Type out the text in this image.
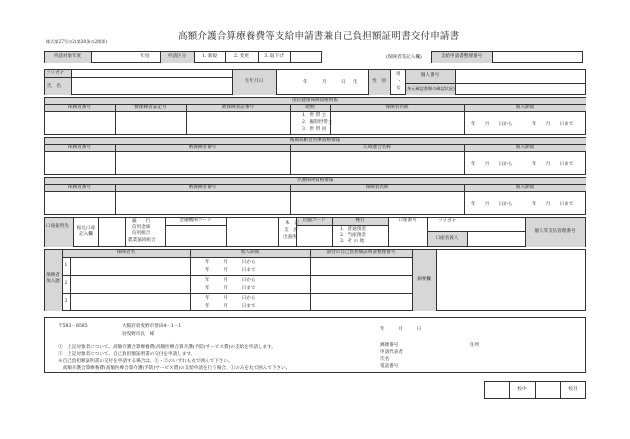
様式第27号の2(第38条の2関係)	高額介護合算療養費等支給申請書兼自己負担額証明書交付申請書
申請対象年度	年度	申請区分	1. 新規	2. 変更	3. 取下げ	(保険者等記入欄)	支給申請書整理番号
フリガナ
氏　名
生年月日	年	月	日 生	性　別
男
・
女
個人番号
(身元確認書類の確認状況)
国民健康保険資格情報
保険者番号	被保険者証記号	被保険者証番号	続柄	保険者名称	加入期間
1．世 帯 主
2．擬制世帯主
3．世 帯 員
年　　月　　日から	年　　月　　日まで
後期高齢者医療資格情報
保険者番号	被保険者番号	広域連合名称	加入期間
年　　月　　日から	年　　月　　日まで
介護保険資格情報
保険者番号	被保険者番号	保険者名称	加入期間
年　　月　　日から	年　　月　　日まで
口座振替先	振込口座記入欄
銀　　行
信用金庫
信用組合
農業協同組合
金融機関コード
本　店
支　店
出張所
店舗コード	種目
1．普通預金
2．当座預金
3．そ の 他
口座番号	フリガナ
口座名義人
個人等支払管理番号
保険者加入歴
保険者名	加入期間	添付の自己負担額証明書整理番号
摘要欄
1
年　　　月　　　日から
年　　　月　　　日まで
2
年　　　月　　　日から
年　　　月　　　日まで
3
年　　　月　　　日から
年　　　月　　　日まで
〒583－8585	大阪府羽曳野市誉田4－1－1
羽曳野市長　様
年　　　月　　　日
①　上記対象者について、高額介護合算療養費(高額医療合算介護(予防)サービス費)の支給を申請します。
②　上記対象者について、自己負担額証明書の交付を申請します。
※自己負担額証明書の交付を申請する場合は、①・②のいずれも丸で囲んで下さい。
　高額介護合算療養費(高額医療合算介護(予防)サービス費)の支給申請を行う場合、①のみを丸で囲んで下さい。
郵便番号	住所
申請代表者
氏名
電話番号
校中	校目
